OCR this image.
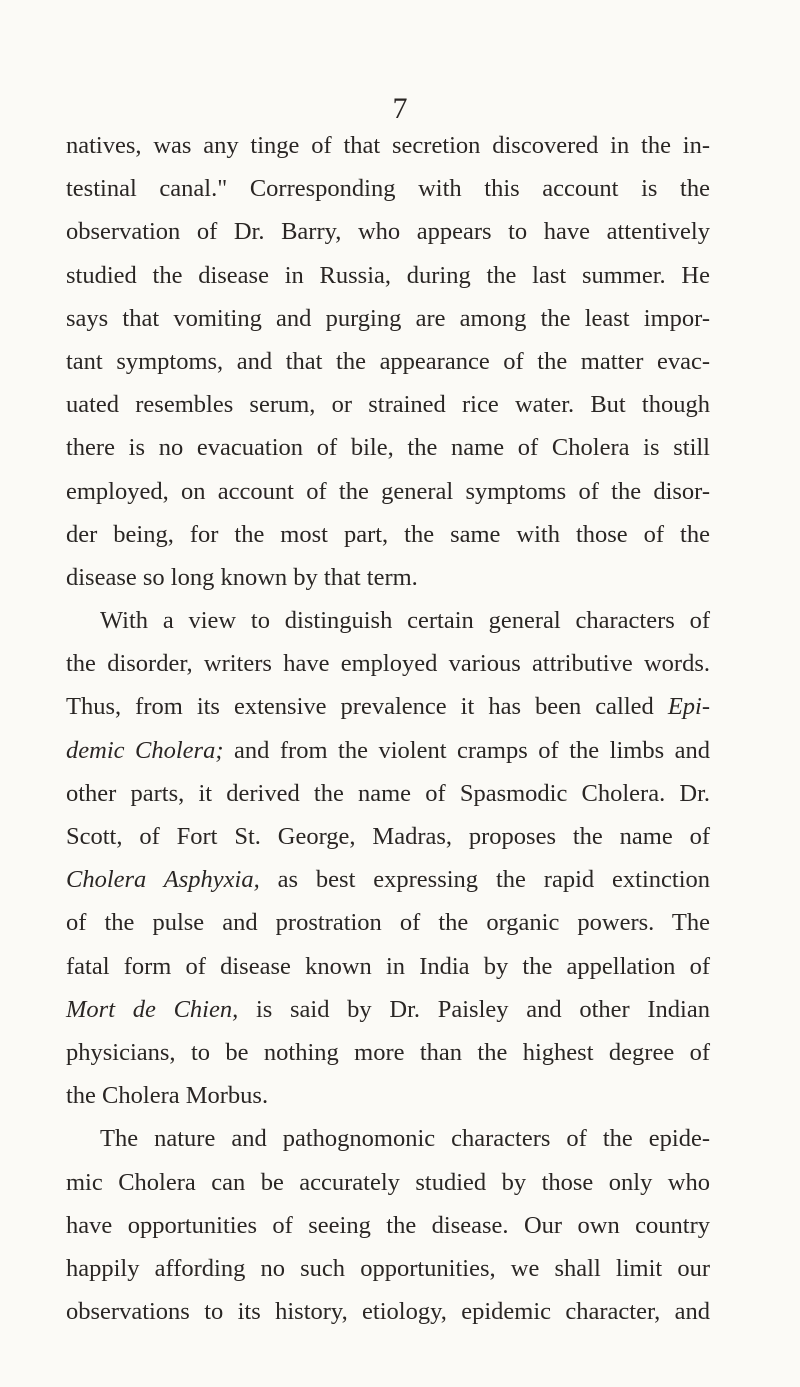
7
natives, was any tinge of that secretion discovered in the in-
testinal canal." Corresponding with this account is the
observation of Dr. Barry, who appears to have attentively
studied the disease in Russia, during the last summer. He
says that vomiting and purging are among the least impor-
tant symptoms, and that the appearance of the matter evac-
uated resembles serum, or strained rice water. But though
there is no evacuation of bile, the name of Cholera is still
employed, on account of the general symptoms of the disor-
der being, for the most part, the same with those of the
disease so long known by that term.
With a view to distinguish certain general characters of
the disorder, writers have employed various attributive words.
Thus, from its extensive prevalence it has been called Epi-
demic Cholera; and from the violent cramps of the limbs and
other parts, it derived the name of Spasmodic Cholera. Dr.
Scott, of Fort St. George, Madras, proposes the name of
Cholera Asphyxia, as best expressing the rapid extinction
of the pulse and prostration of the organic powers. The
fatal form of disease known in India by the appellation of
Mort de Chien, is said by Dr. Paisley and other Indian
physicians, to be nothing more than the highest degree of
the Cholera Morbus.
The nature and pathognomonic characters of the epide-
mic Cholera can be accurately studied by those only who
have opportunities of seeing the disease. Our own country
happily affording no such opportunities, we shall limit our
observations to its history, etiology, epidemic character, and
